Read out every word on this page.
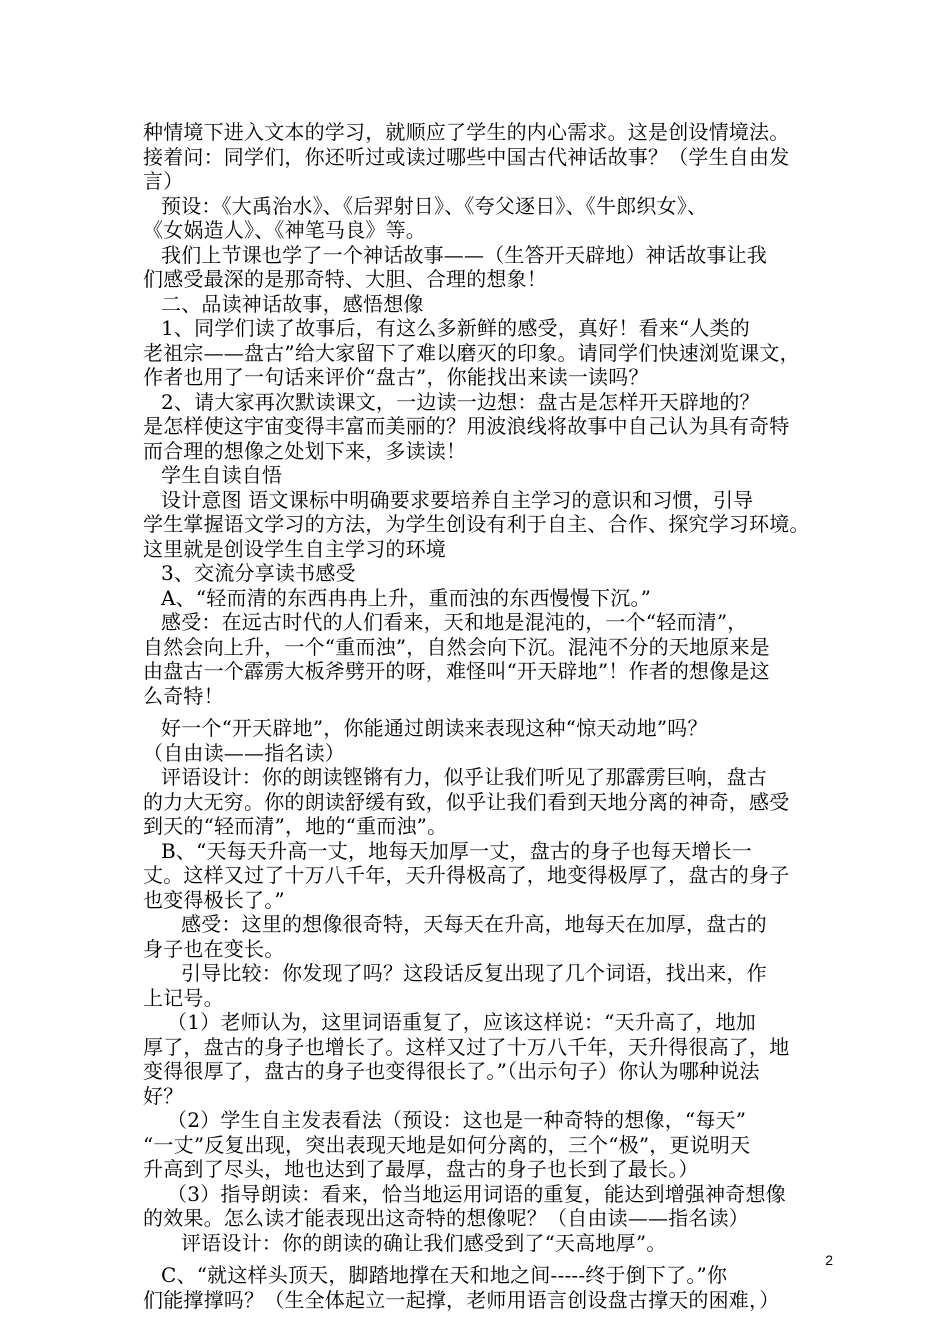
种情境下进入文本的学习，就顺应了学生的内心需求。这是创设情境法。
接着问：同学们，你还听过或读过哪些中国古代神话故事？（学生自由发
言）
预设：《大禹治水》、《后羿射日》、《夸父逐日》、《牛郎织女》、
《女娲造人》、《神笔马良》等。
我们上节课也学了一个神话故事——（生答开天辟地）神话故事让我
们感受最深的是那奇特、大胆、合理的想象！
二、品读神话故事，感悟想像
1、同学们读了故事后，有这么多新鲜的感受，真好！看来“人类的
老祖宗——盘古”给大家留下了难以磨灭的印象。请同学们快速浏览课文，
作者也用了一句话来评价“盘古”，你能找出来读一读吗？
2、请大家再次默读课文，一边读一边想：盘古是怎样开天辟地的？
是怎样使这宇宙变得丰富而美丽的？用波浪线将故事中自己认为具有奇特
而合理的想像之处划下来，多读读！
学生自读自悟
设计意图 语文课标中明确要求要培养自主学习的意识和习惯，引导
学生掌握语文学习的方法，为学生创设有利于自主、合作、探究学习环境。
这里就是创设学生自主学习的环境
3、交流分享读书感受
A、“轻而清的东西冉冉上升，重而浊的东西慢慢下沉。”
感受：在远古时代的人们看来，天和地是混沌的，一个“轻而清”，
自然会向上升，一个“重而浊”，自然会向下沉。混沌不分的天地原来是
由盘古一个霹雳大板斧劈开的呀，难怪叫“开天辟地”！作者的想像是这
么奇特！
好一个“开天辟地”，你能通过朗读来表现这种“惊天动地”吗？
（自由读——指名读）
评语设计：你的朗读铿锵有力，似乎让我们听见了那霹雳巨响，盘古
的力大无穷。你的朗读舒缓有致，似乎让我们看到天地分离的神奇，感受
到天的“轻而清”，地的“重而浊”。
B、“天每天升高一丈，地每天加厚一丈，盘古的身子也每天增长一
丈。这样又过了十万八千年，天升得极高了，地变得极厚了，盘古的身子
也变得极长了。”
感受：这里的想像很奇特，天每天在升高，地每天在加厚，盘古的
身子也在变长。
引导比较：你发现了吗？这段话反复出现了几个词语，找出来，作
上记号。
（1）老师认为，这里词语重复了，应该这样说：“天升高了，地加
厚了，盘古的身子也增长了。这样又过了十万八千年，天升得很高了，地
变得很厚了，盘古的身子也变得很长了。”（出示句子）你认为哪种说法
好？
（2）学生自主发表看法（预设：这也是一种奇特的想像，“每天”
“一丈”反复出现，突出表现天地是如何分离的，三个“极”，更说明天
升高到了尽头，地也达到了最厚，盘古的身子也长到了最长。）
（3）指导朗读：看来，恰当地运用词语的重复，能达到增强神奇想像
的效果。怎么读才能表现出这奇特的想像呢？（自由读——指名读）
评语设计：你的朗读的确让我们感受到了“天高地厚”。
C、“就这样头顶天，脚踏地撑在天和地之间-----终于倒下了。”你
们能撑撑吗？（生全体起立一起撑，老师用语言创设盘古撑天的困难，）
2
